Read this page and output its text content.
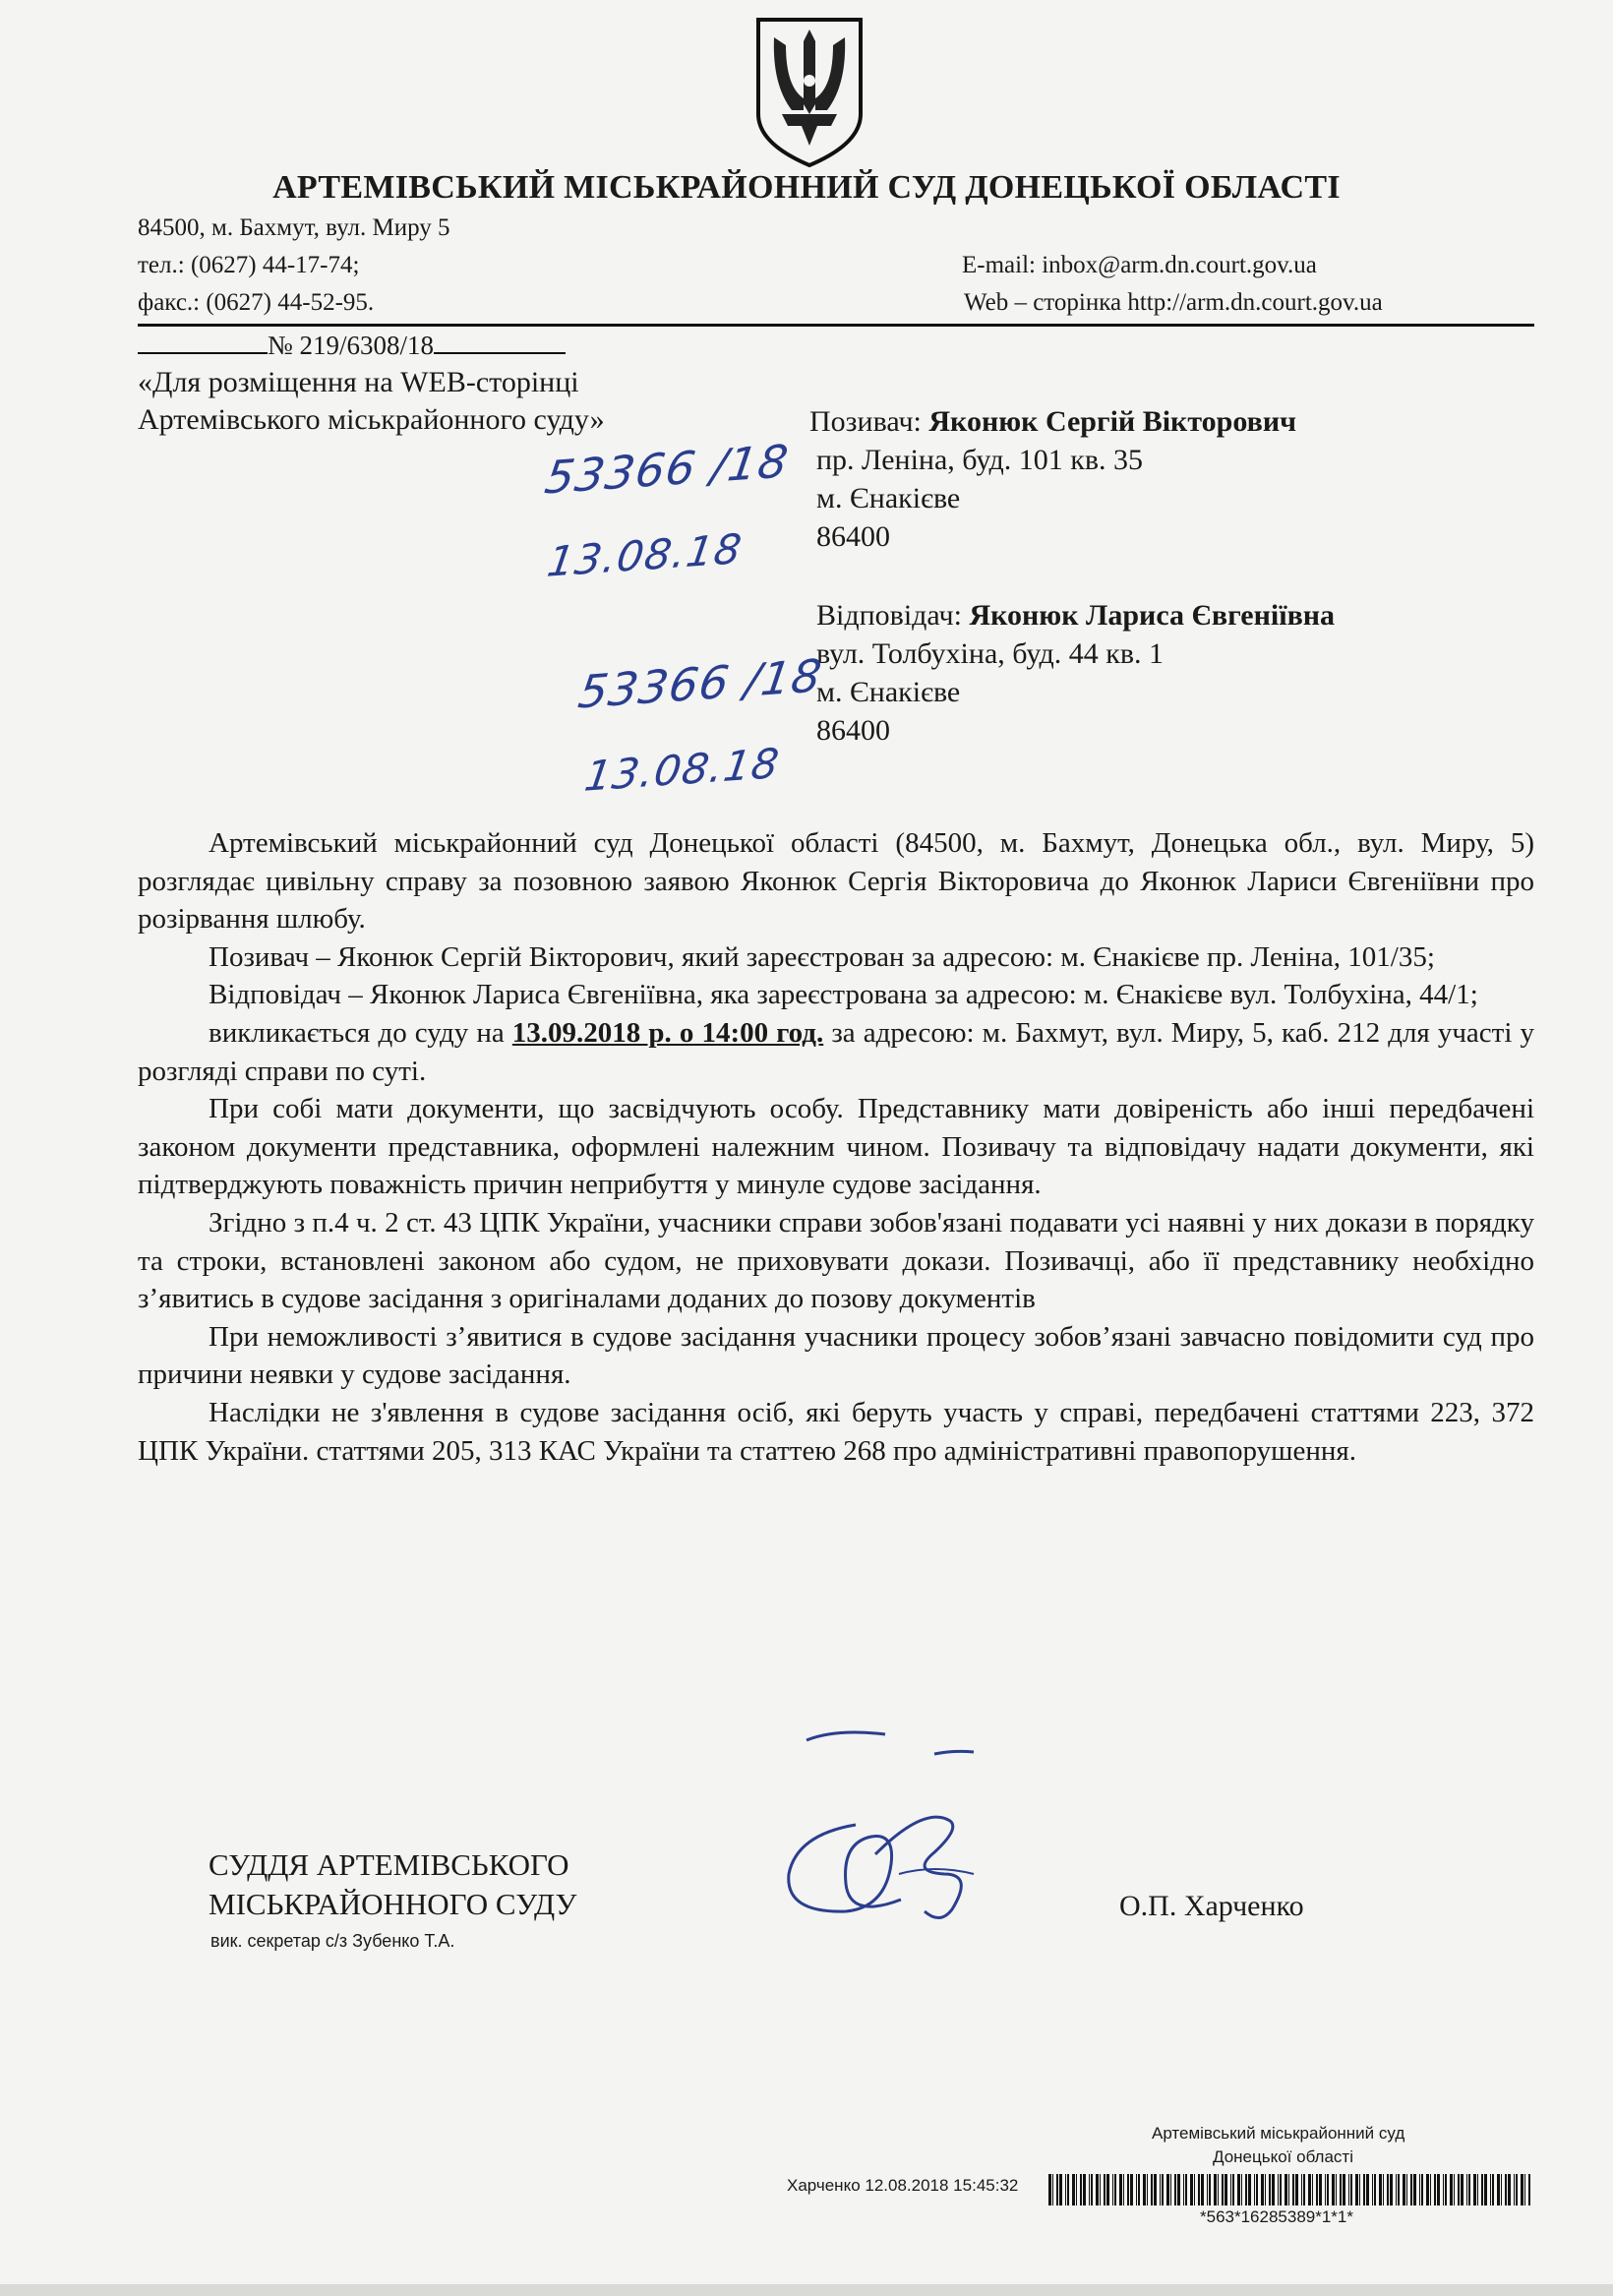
АРТЕМІВСЬКИЙ МІСЬКРАЙОННИЙ СУД ДОНЕЦЬКОЇ ОБЛАСТІ
84500, м. Бахмут, вул. Миру 5
тел.: (0627) 44-17-74;
факс.: (0627) 44-52-95.
E-mail: inbox@arm.dn.court.gov.ua
Web – сторінка http://arm.dn.court.gov.ua
№ 219/6308/18
«Для розміщення на WEB-сторінці
Артемівського міськрайонного суду»	Позивач: Яконюк Сергій Вікторович
пр. Леніна, буд. 101 кв. 35
м. Єнакієве
86400
Відповідач: Яконюк Лариса Євгеніївна
вул. Толбухіна, буд. 44 кв. 1
м. Єнакієве
86400
53366 /18
13.08.18
53366 /18
13.08.18

Артемівський міськрайонний суд Донецької області (84500, м. Бахмут, Донецька обл., вул. Миру, 5) розглядає цивільну справу за позовною заявою Яконюк Сергія Вікторовича до Яконюк Лариси Євгеніївни про розірвання шлюбу.

Позивач – Яконюк Сергій Вікторович, який зареєстрован за адресою: м. Єнакієве пр. Леніна, 101/35;

Відповідач – Яконюк Лариса Євгеніївна, яка зареєстрована за адресою: м. Єнакієве вул. Толбухіна, 44/1;

викликається до суду на 13.09.2018 р. о 14:00 год. за адресою: м. Бахмут, вул. Миру, 5, каб. 212 для участі у розгляді справи по суті.

При собі мати документи, що засвідчують особу. Представнику мати довіреність або інші передбачені законом документи представника, оформлені належним чином. Позивачу та відповідачу надати документи, які підтверджують поважність причин неприбуття у минуле судове засідання.

Згідно з п.4 ч. 2 ст. 43 ЦПК України, учасники справи зобов'язані подавати усі наявні у них докази в порядку та строки, встановлені законом або судом, не приховувати докази. Позивачці, або її представнику необхідно з’явитись в судове засідання з оригіналами доданих до позову документів

При неможливості з’явитися в судове засідання учасники процесу зобов’язані завчасно повідомити суд про причини неявки у судове засідання.

Наслідки не з'явлення в судове засідання осіб, які беруть участь у справі, передбачені статтями 223, 372 ЦПК України. статтями 205, 313 КАС України та статтею 268 про адміністративні правопорушення.

СУДДЯ АРТЕМІВСЬКОГО
МІСЬКРАЙОННОГО СУДУ
вик. секретар с/з Зубенко Т.А.
О.П. Харченко
Артемівський міськрайонний суд
Донецької області
Харченко 12.08.2018 15:45:32
*563*16285389*1*1*
